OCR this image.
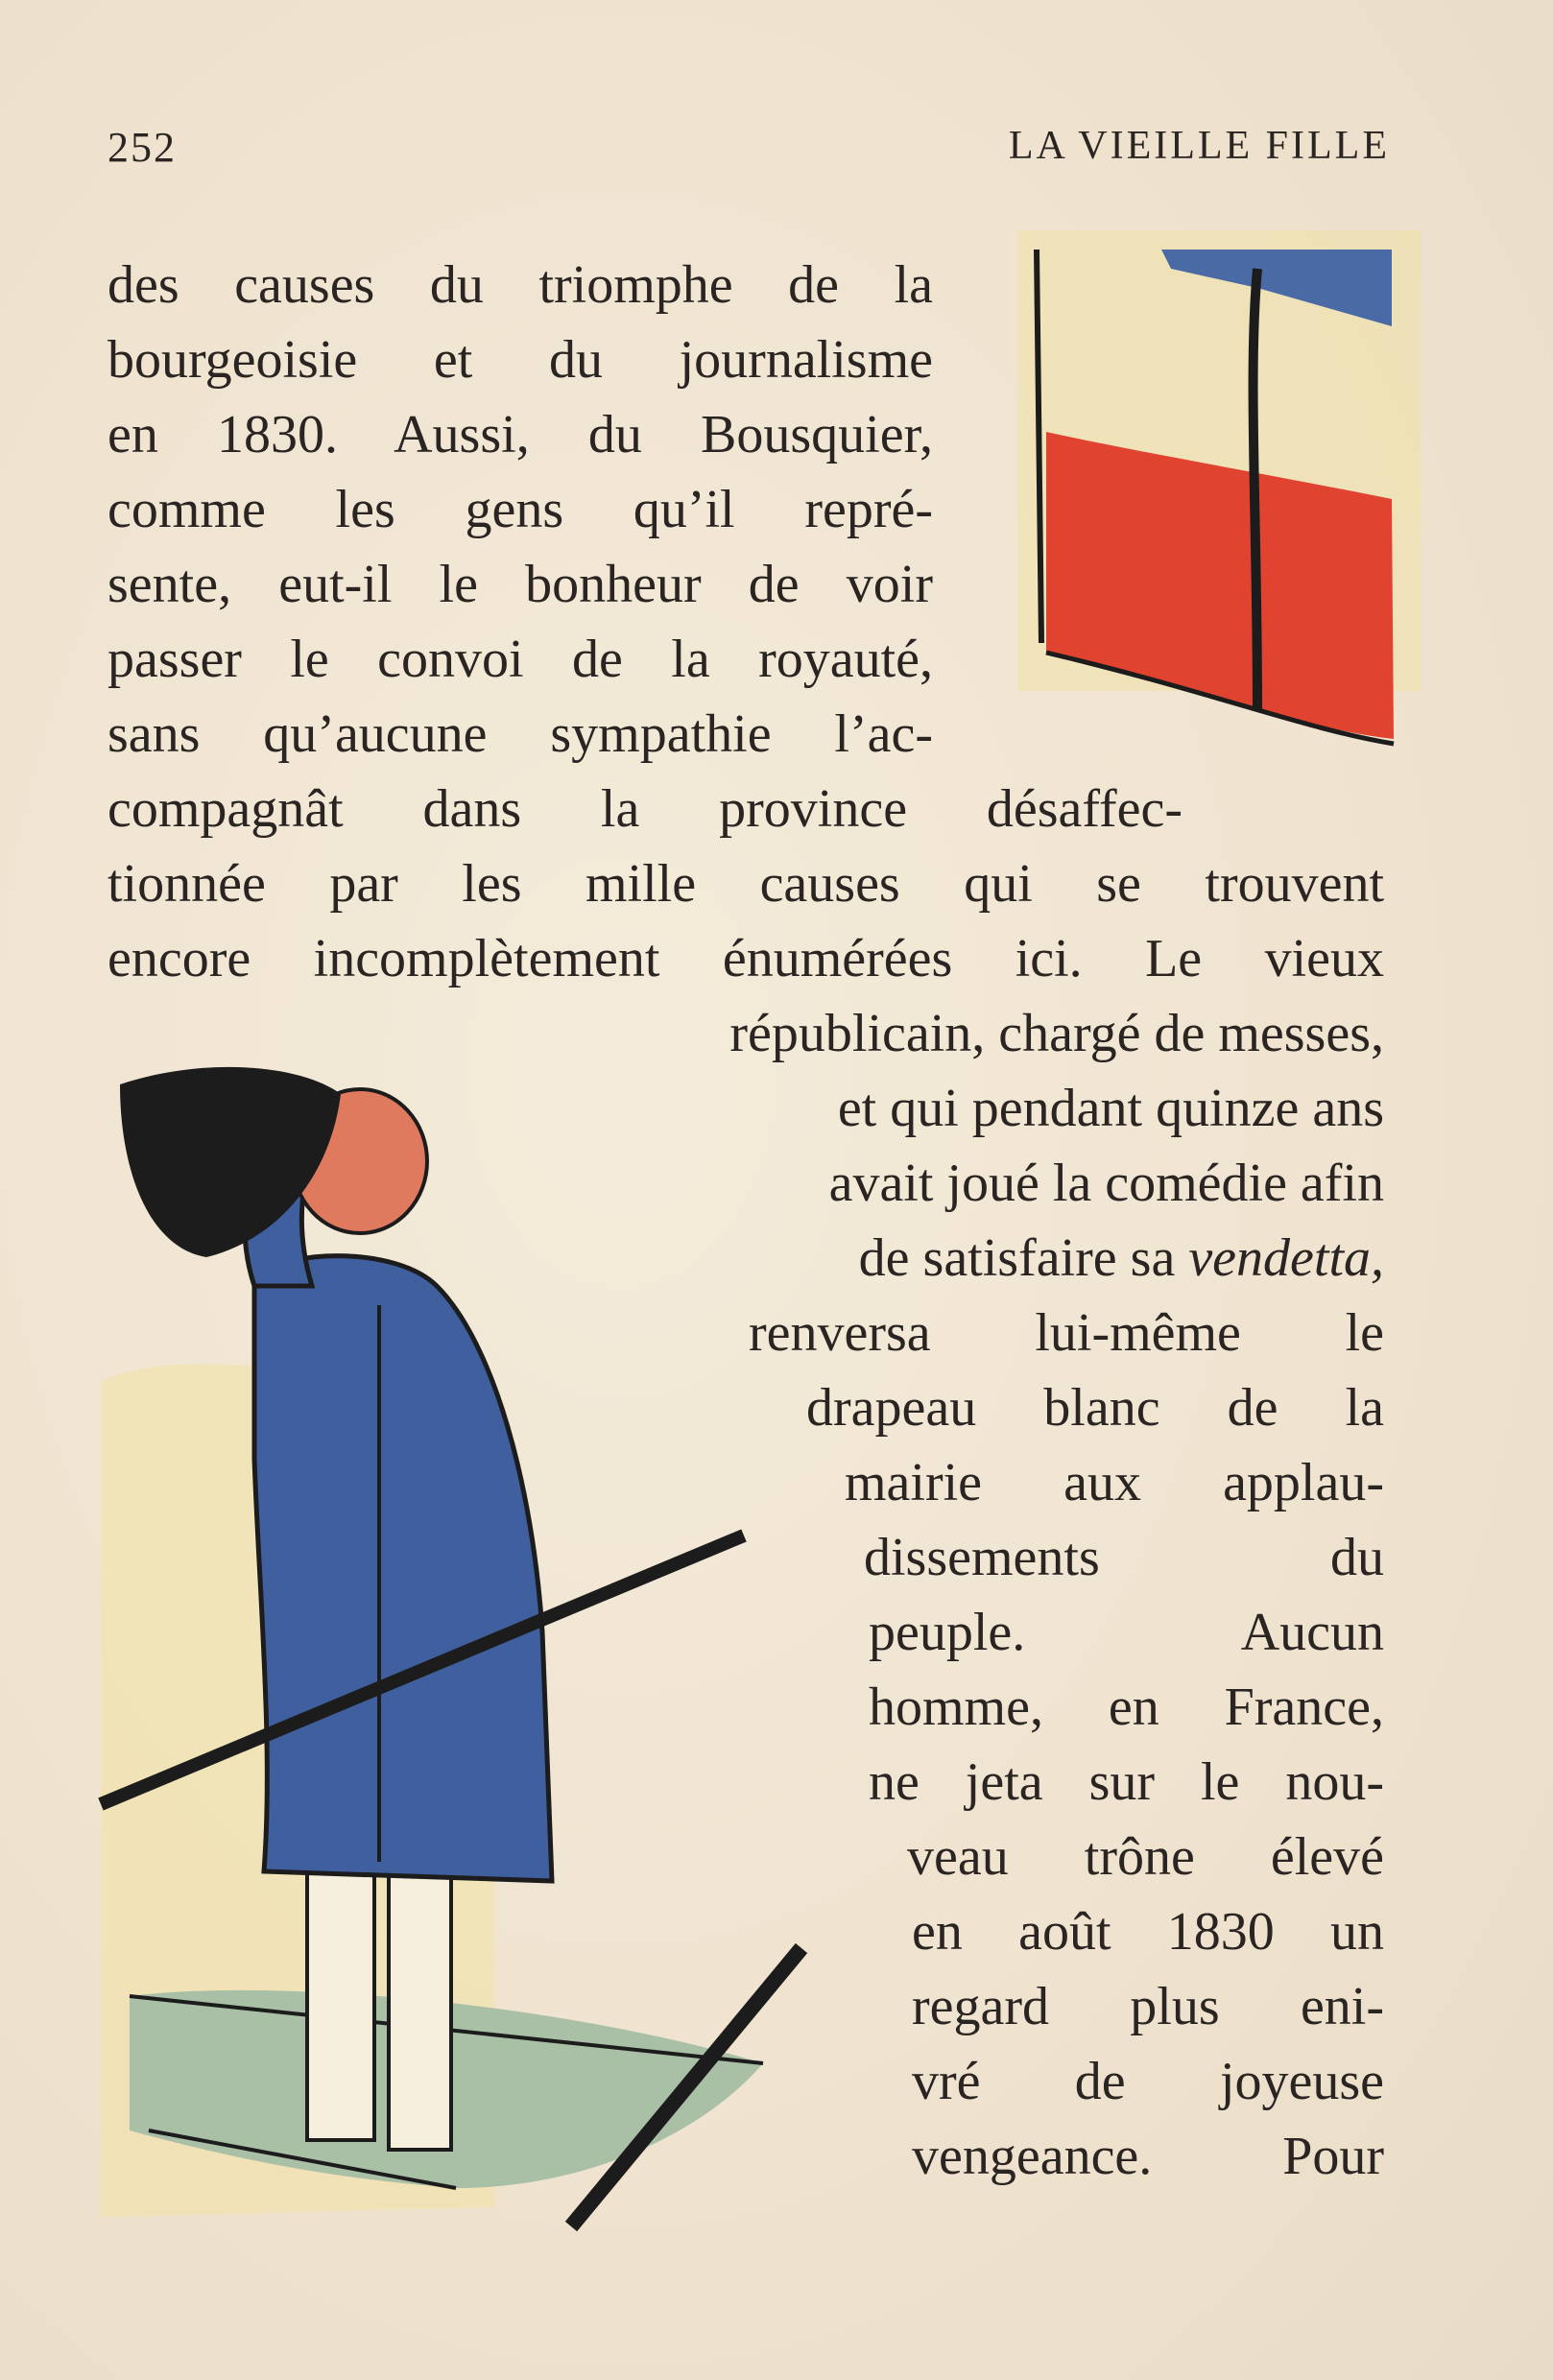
252	LA VIEILLE FILLE
des causes du triomphe de la
bourgeoisie et du journalisme
en 1830. Aussi, du Bousquier,
comme les gens qu’il repré-
sente, eut-il le bonheur de voir
passer le convoi de la royauté,
sans qu’aucune sympathie l’ac-
compagnât dans la province désaffec-
tionnée par les mille causes qui se trouvent
encore incomplètement énumérées ici. Le vieux
républicain, chargé de messes,
et qui pendant quinze ans
avait joué la comédie afin
de satisfaire sa vendetta,
renversa lui-même le
drapeau blanc de la
mairie aux applau-
dissements du
peuple. Aucun
homme, en France,
ne jeta sur le nou-
veau trône élevé
en août 1830 un
regard plus eni-
vré de joyeuse
vengeance. Pour
